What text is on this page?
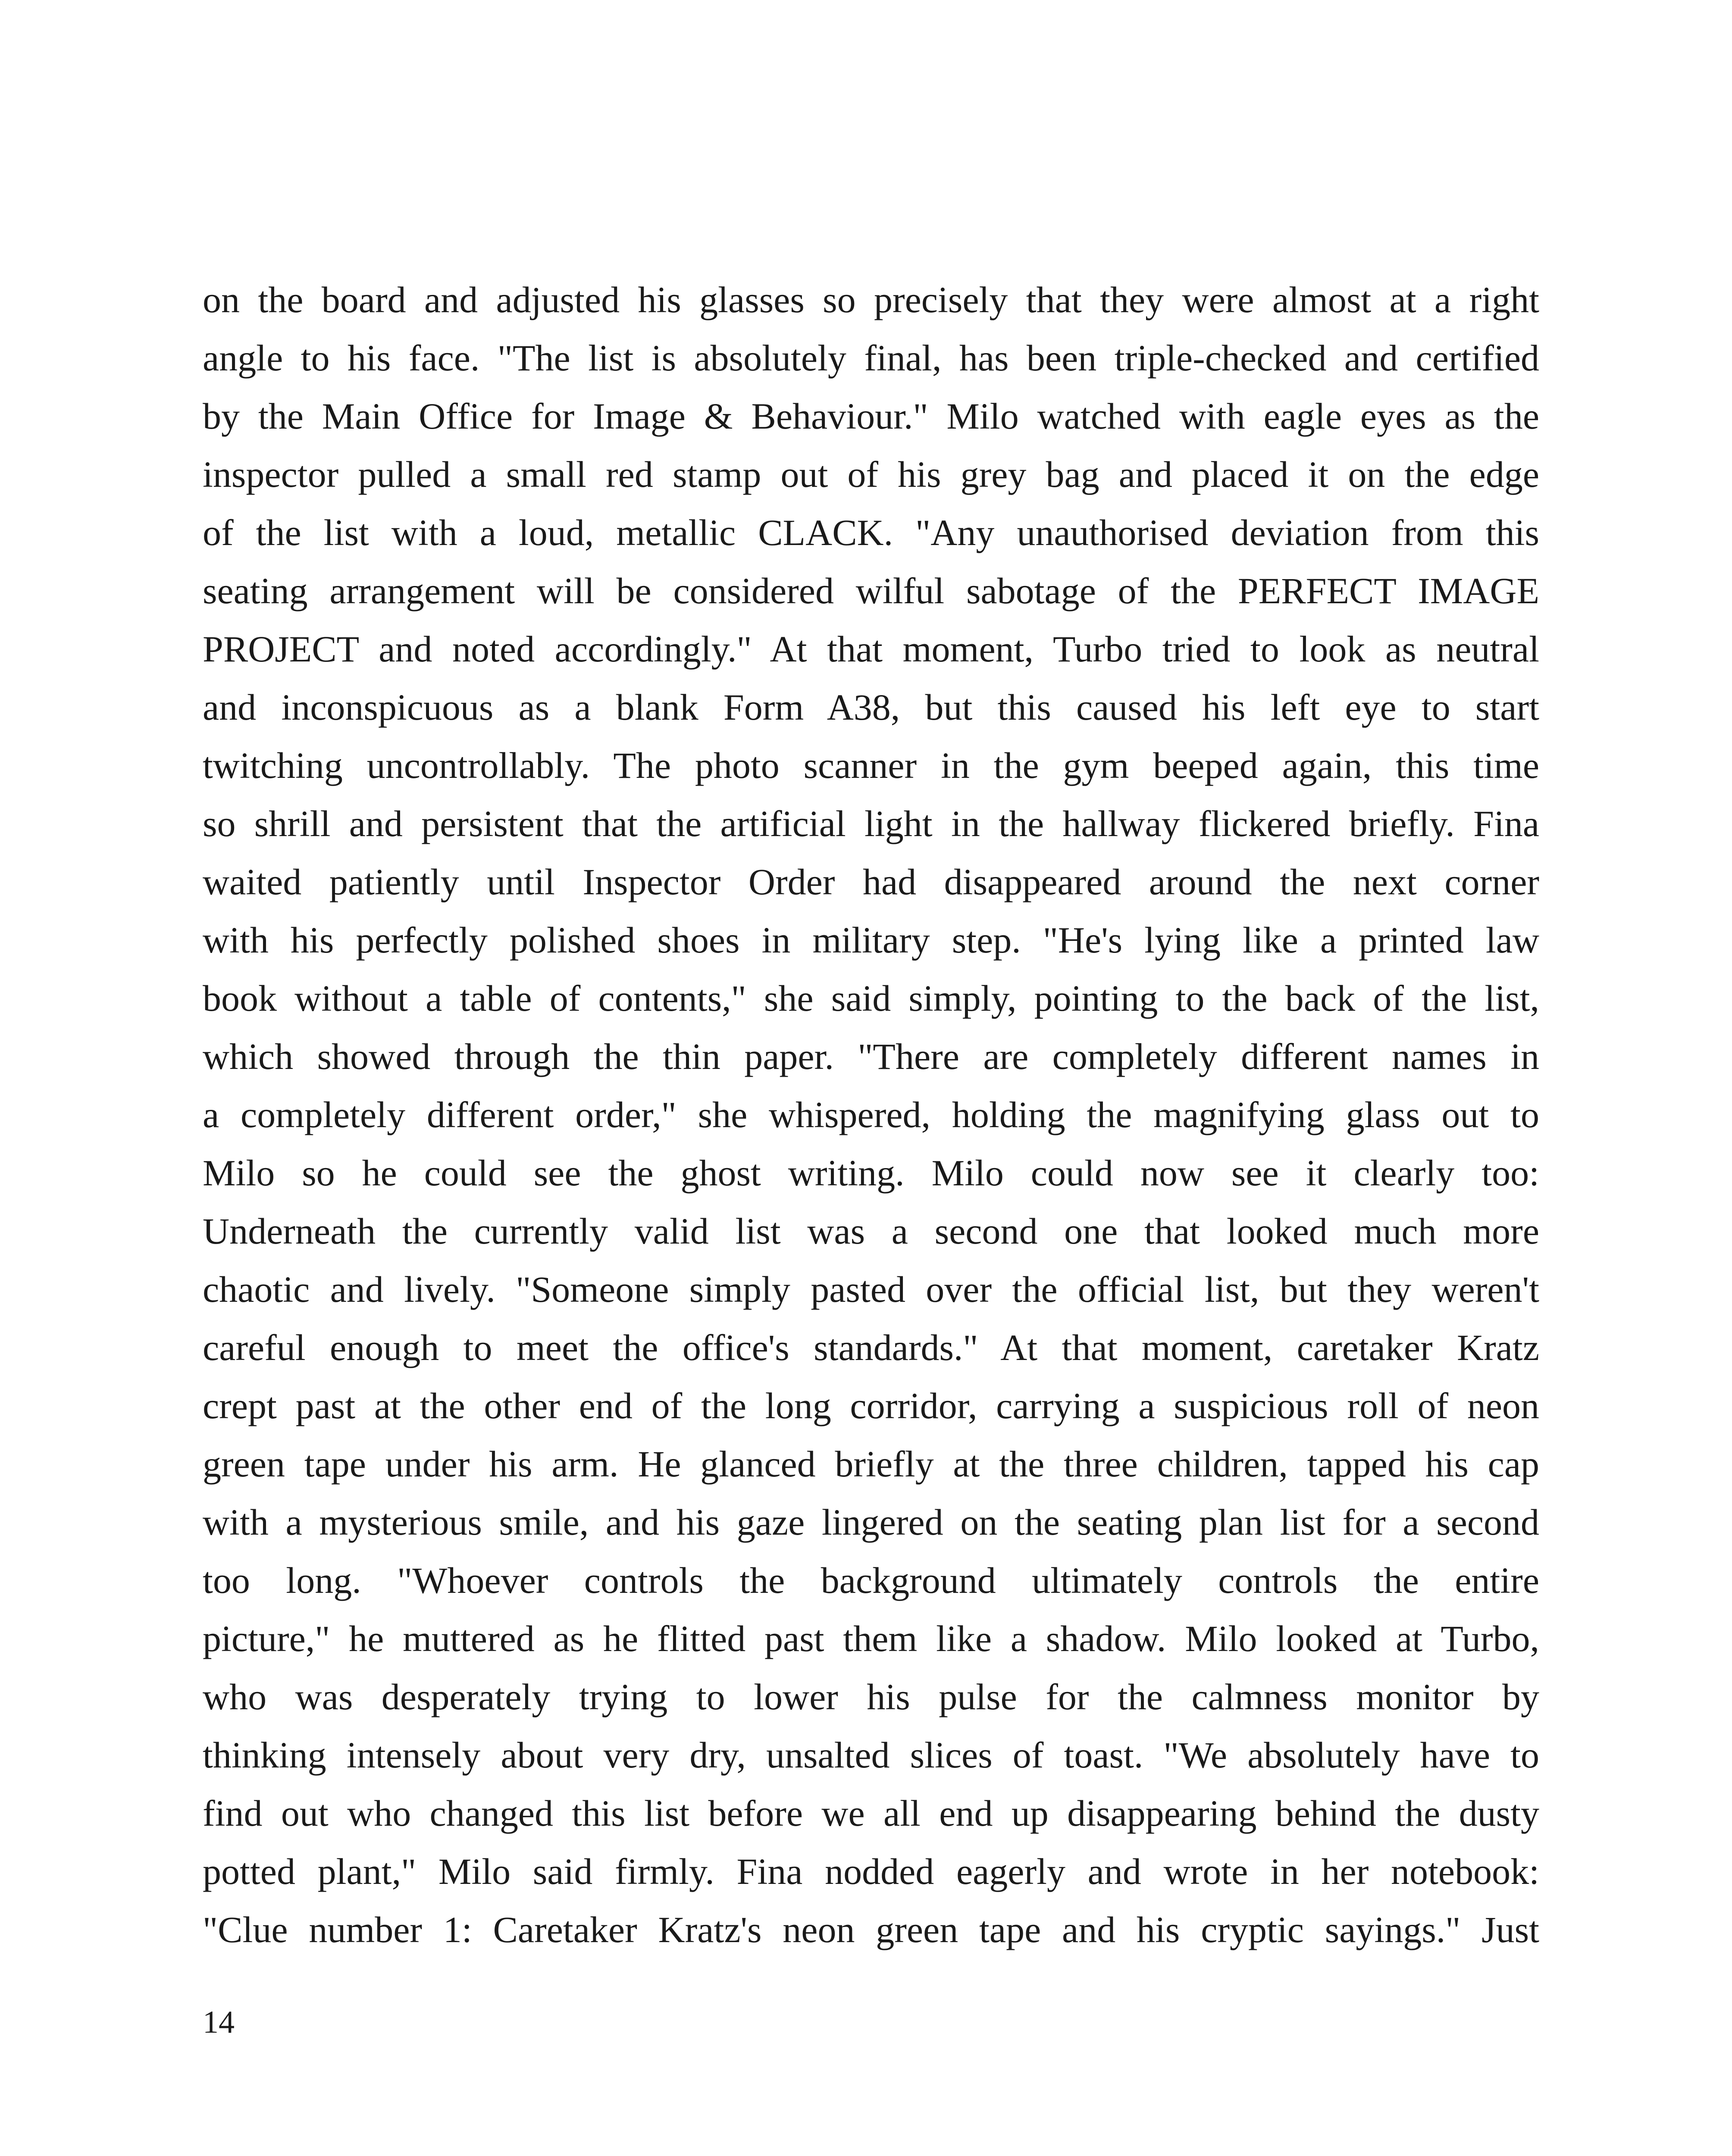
on the board and adjusted his glasses so precisely that they were almost at a right
angle to his face. "The list is absolutely final, has been triple-checked and certified
by the Main Office for Image & Behaviour." Milo watched with eagle eyes as the
inspector pulled a small red stamp out of his grey bag and placed it on the edge
of the list with a loud, metallic CLACK. "Any unauthorised deviation from this
seating arrangement will be considered wilful sabotage of the PERFECT IMAGE
PROJECT and noted accordingly." At that moment, Turbo tried to look as neutral
and inconspicuous as a blank Form A38, but this caused his left eye to start
twitching uncontrollably. The photo scanner in the gym beeped again, this time
so shrill and persistent that the artificial light in the hallway flickered briefly. Fina
waited patiently until Inspector Order had disappeared around the next corner
with his perfectly polished shoes in military step. "He's lying like a printed law
book without a table of contents," she said simply, pointing to the back of the list,
which showed through the thin paper. "There are completely different names in
a completely different order," she whispered, holding the magnifying glass out to
Milo so he could see the ghost writing. Milo could now see it clearly too:
Underneath the currently valid list was a second one that looked much more
chaotic and lively. "Someone simply pasted over the official list, but they weren't
careful enough to meet the office's standards." At that moment, caretaker Kratz
crept past at the other end of the long corridor, carrying a suspicious roll of neon
green tape under his arm. He glanced briefly at the three children, tapped his cap
with a mysterious smile, and his gaze lingered on the seating plan list for a second
too long. "Whoever controls the background ultimately controls the entire
picture," he muttered as he flitted past them like a shadow. Milo looked at Turbo,
who was desperately trying to lower his pulse for the calmness monitor by
thinking intensely about very dry, unsalted slices of toast. "We absolutely have to
find out who changed this list before we all end up disappearing behind the dusty
potted plant," Milo said firmly. Fina nodded eagerly and wrote in her notebook:
"Clue number 1: Caretaker Kratz's neon green tape and his cryptic sayings." Just
14
